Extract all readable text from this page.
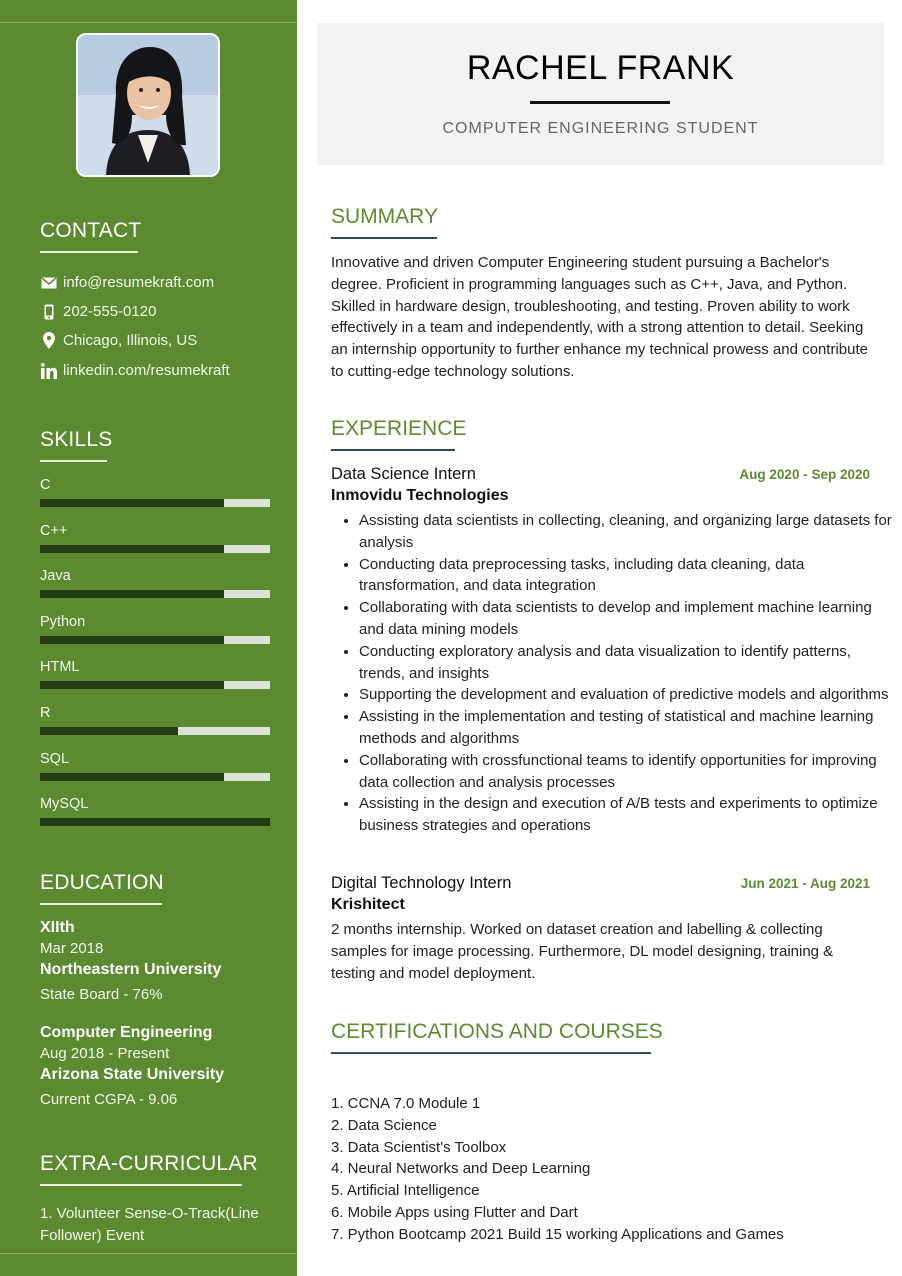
CONTACT
info@resumekraft.com
202-555-0120
Chicago, Illinois, US
linkedin.com/resumekraft
SKILLS
C
C++
Java
Python
HTML
R
SQL
MySQL
EDUCATION
XIIth
Mar 2018
Northeastern University
State Board - 76%
Computer Engineering
Aug 2018 - Present
Arizona State University
Current CGPA - 9.06
EXTRA-CURRICULAR
1. Volunteer Sense-O-Track(Line Follower) Event
RACHEL FRANK
COMPUTER ENGINEERING STUDENT
SUMMARY
Innovative and driven Computer Engineering student pursuing a Bachelor's degree. Proficient in programming languages such as C++, Java, and Python. Skilled in hardware design, troubleshooting, and testing. Proven ability to work effectively in a team and independently, with a strong attention to detail. Seeking an internship opportunity to further enhance my technical prowess and contribute to cutting-edge technology solutions.
EXPERIENCE
Data Science Intern	Aug 2020 - Sep 2020
Inmovidu Technologies
• Assisting data scientists in collecting, cleaning, and organizing large datasets for analysis
• Conducting data preprocessing tasks, including data cleaning, data transformation, and data integration
• Collaborating with data scientists to develop and implement machine learning and data mining models
• Conducting exploratory analysis and data visualization to identify patterns, trends, and insights
• Supporting the development and evaluation of predictive models and algorithms
• Assisting in the implementation and testing of statistical and machine learning methods and algorithms
• Collaborating with crossfunctional teams to identify opportunities for improving data collection and analysis processes
• Assisting in the design and execution of A/B tests and experiments to optimize business strategies and operations
Digital Technology Intern	Jun 2021 - Aug 2021
Krishitect
2 months internship. Worked on dataset creation and labelling & collecting samples for image processing. Furthermore, DL model designing, training & testing and model deployment.
CERTIFICATIONS AND COURSES
1. CCNA 7.0 Module 1
2. Data Science
3. Data Scientist's Toolbox
4. Neural Networks and Deep Learning
5. Artificial Intelligence
6. Mobile Apps using Flutter and Dart
7. Python Bootcamp 2021 Build 15 working Applications and Games
